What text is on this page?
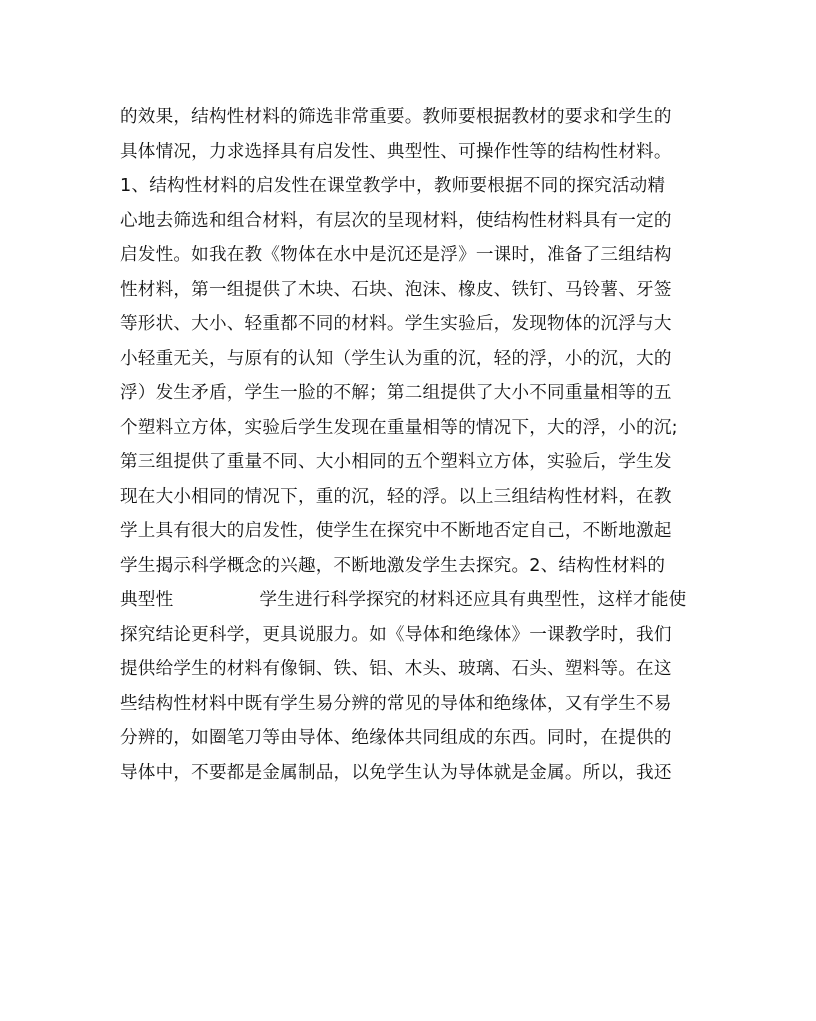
的效果，结构性材料的筛选非常重要。教师要根据教材的要求和学生的
具体情况，力求选择具有启发性、典型性、可操作性等的结构性材料。
1、结构性材料的启发性在课堂教学中，教师要根据不同的探究活动精
心地去筛选和组合材料，有层次的呈现材料，使结构性材料具有一定的
启发性。如我在教《物体在水中是沉还是浮》一课时，准备了三组结构
性材料，第一组提供了木块、石块、泡沫、橡皮、铁钉、马铃薯、牙签
等形状、大小、轻重都不同的材料。学生实验后，发现物体的沉浮与大
小轻重无关，与原有的认知（学生认为重的沉，轻的浮，小的沉，大的
浮）发生矛盾，学生一脸的不解；第二组提供了大小不同重量相等的五
个塑料立方体，实验后学生发现在重量相等的情况下，大的浮，小的沉;
第三组提供了重量不同、大小相同的五个塑料立方体，实验后，学生发
现在大小相同的情况下，重的沉，轻的浮。以上三组结构性材料，在教
学上具有很大的启发性，使学生在探究中不断地否定自己，不断地激起
学生揭示科学概念的兴趣，不断地激发学生去探究。2、结构性材料的
典型性	学生进行科学探究的材料还应具有典型性，这样才能使
探究结论更科学，更具说服力。如《导体和绝缘体》一课教学时，我们
提供给学生的材料有像铜、铁、铝、木头、玻璃、石头、塑料等。在这
些结构性材料中既有学生易分辨的常见的导体和绝缘体，又有学生不易
分辨的，如圈笔刀等由导体、绝缘体共同组成的东西。同时，在提供的
导体中，不要都是金属制品，以免学生认为导体就是金属。所以，我还
